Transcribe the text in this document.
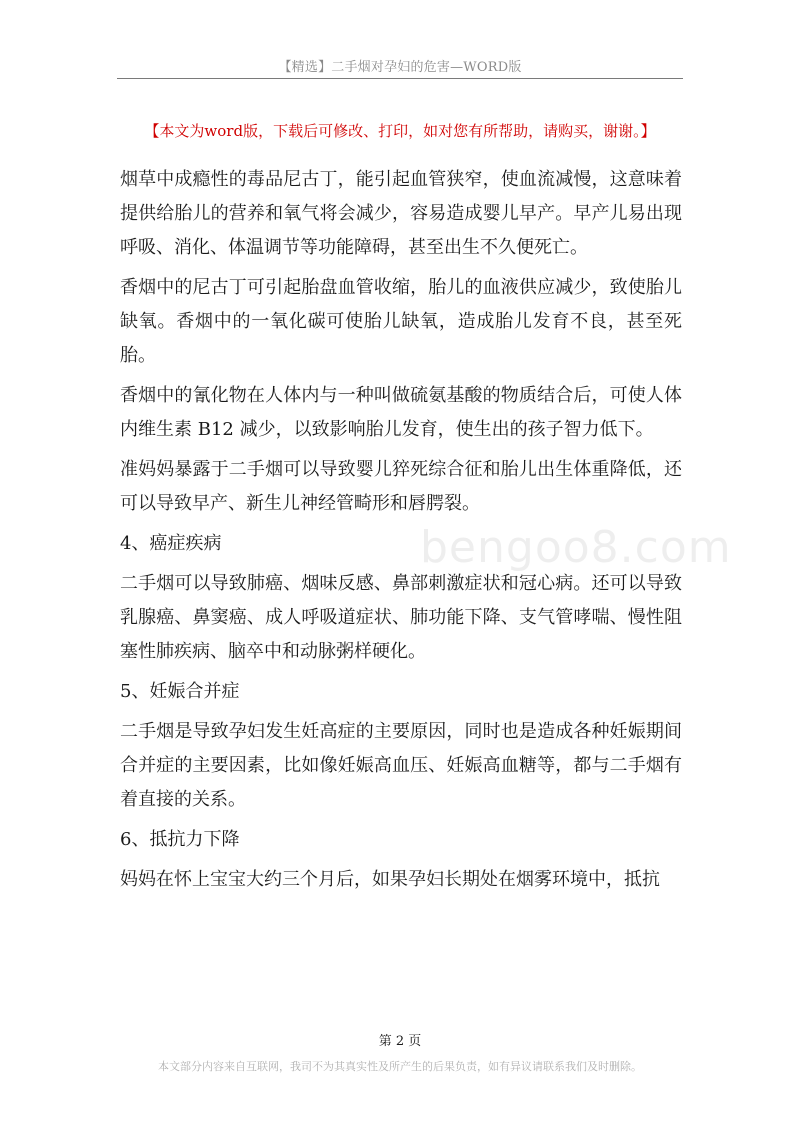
【精选】二手烟对孕妇的危害—WORD版
【本文为word版，下载后可修改、打印，如对您有所帮助，请购买，谢谢。】

烟草中成瘾性的毒品尼古丁，能引起血管狭窄，使血流减慢，这意味着提供给胎儿的营养和氧气将会减少，容易造成婴儿早产。早产儿易出现呼吸、消化、体温调节等功能障碍，甚至出生不久便死亡。

香烟中的尼古丁可引起胎盘血管收缩，胎儿的血液供应减少，致使胎儿缺氧。香烟中的一氧化碳可使胎儿缺氧，造成胎儿发育不良，甚至死胎。

香烟中的氰化物在人体内与一种叫做硫氨基酸的物质结合后，可使人体内维生素 B12 减少，以致影响胎儿发育，使生出的孩子智力低下。

准妈妈暴露于二手烟可以导致婴儿猝死综合征和胎儿出生体重降低，还可以导致早产、新生儿神经管畸形和唇腭裂。

4、癌症疾病

二手烟可以导致肺癌、烟味反感、鼻部刺激症状和冠心病。还可以导致乳腺癌、鼻窦癌、成人呼吸道症状、肺功能下降、支气管哮喘、慢性阻塞性肺疾病、脑卒中和动脉粥样硬化。

5、妊娠合并症

二手烟是导致孕妇发生妊高症的主要原因，同时也是造成各种妊娠期间合并症的主要因素，比如像妊娠高血压、妊娠高血糖等，都与二手烟有着直接的关系。

6、抵抗力下降

妈妈在怀上宝宝大约三个月后，如果孕妇长期处在烟雾环境中，抵抗

bengoo8.com
第 2 页
本文部分内容来自互联网，我司不为其真实性及所产生的后果负责，如有异议请联系我们及时删除。
